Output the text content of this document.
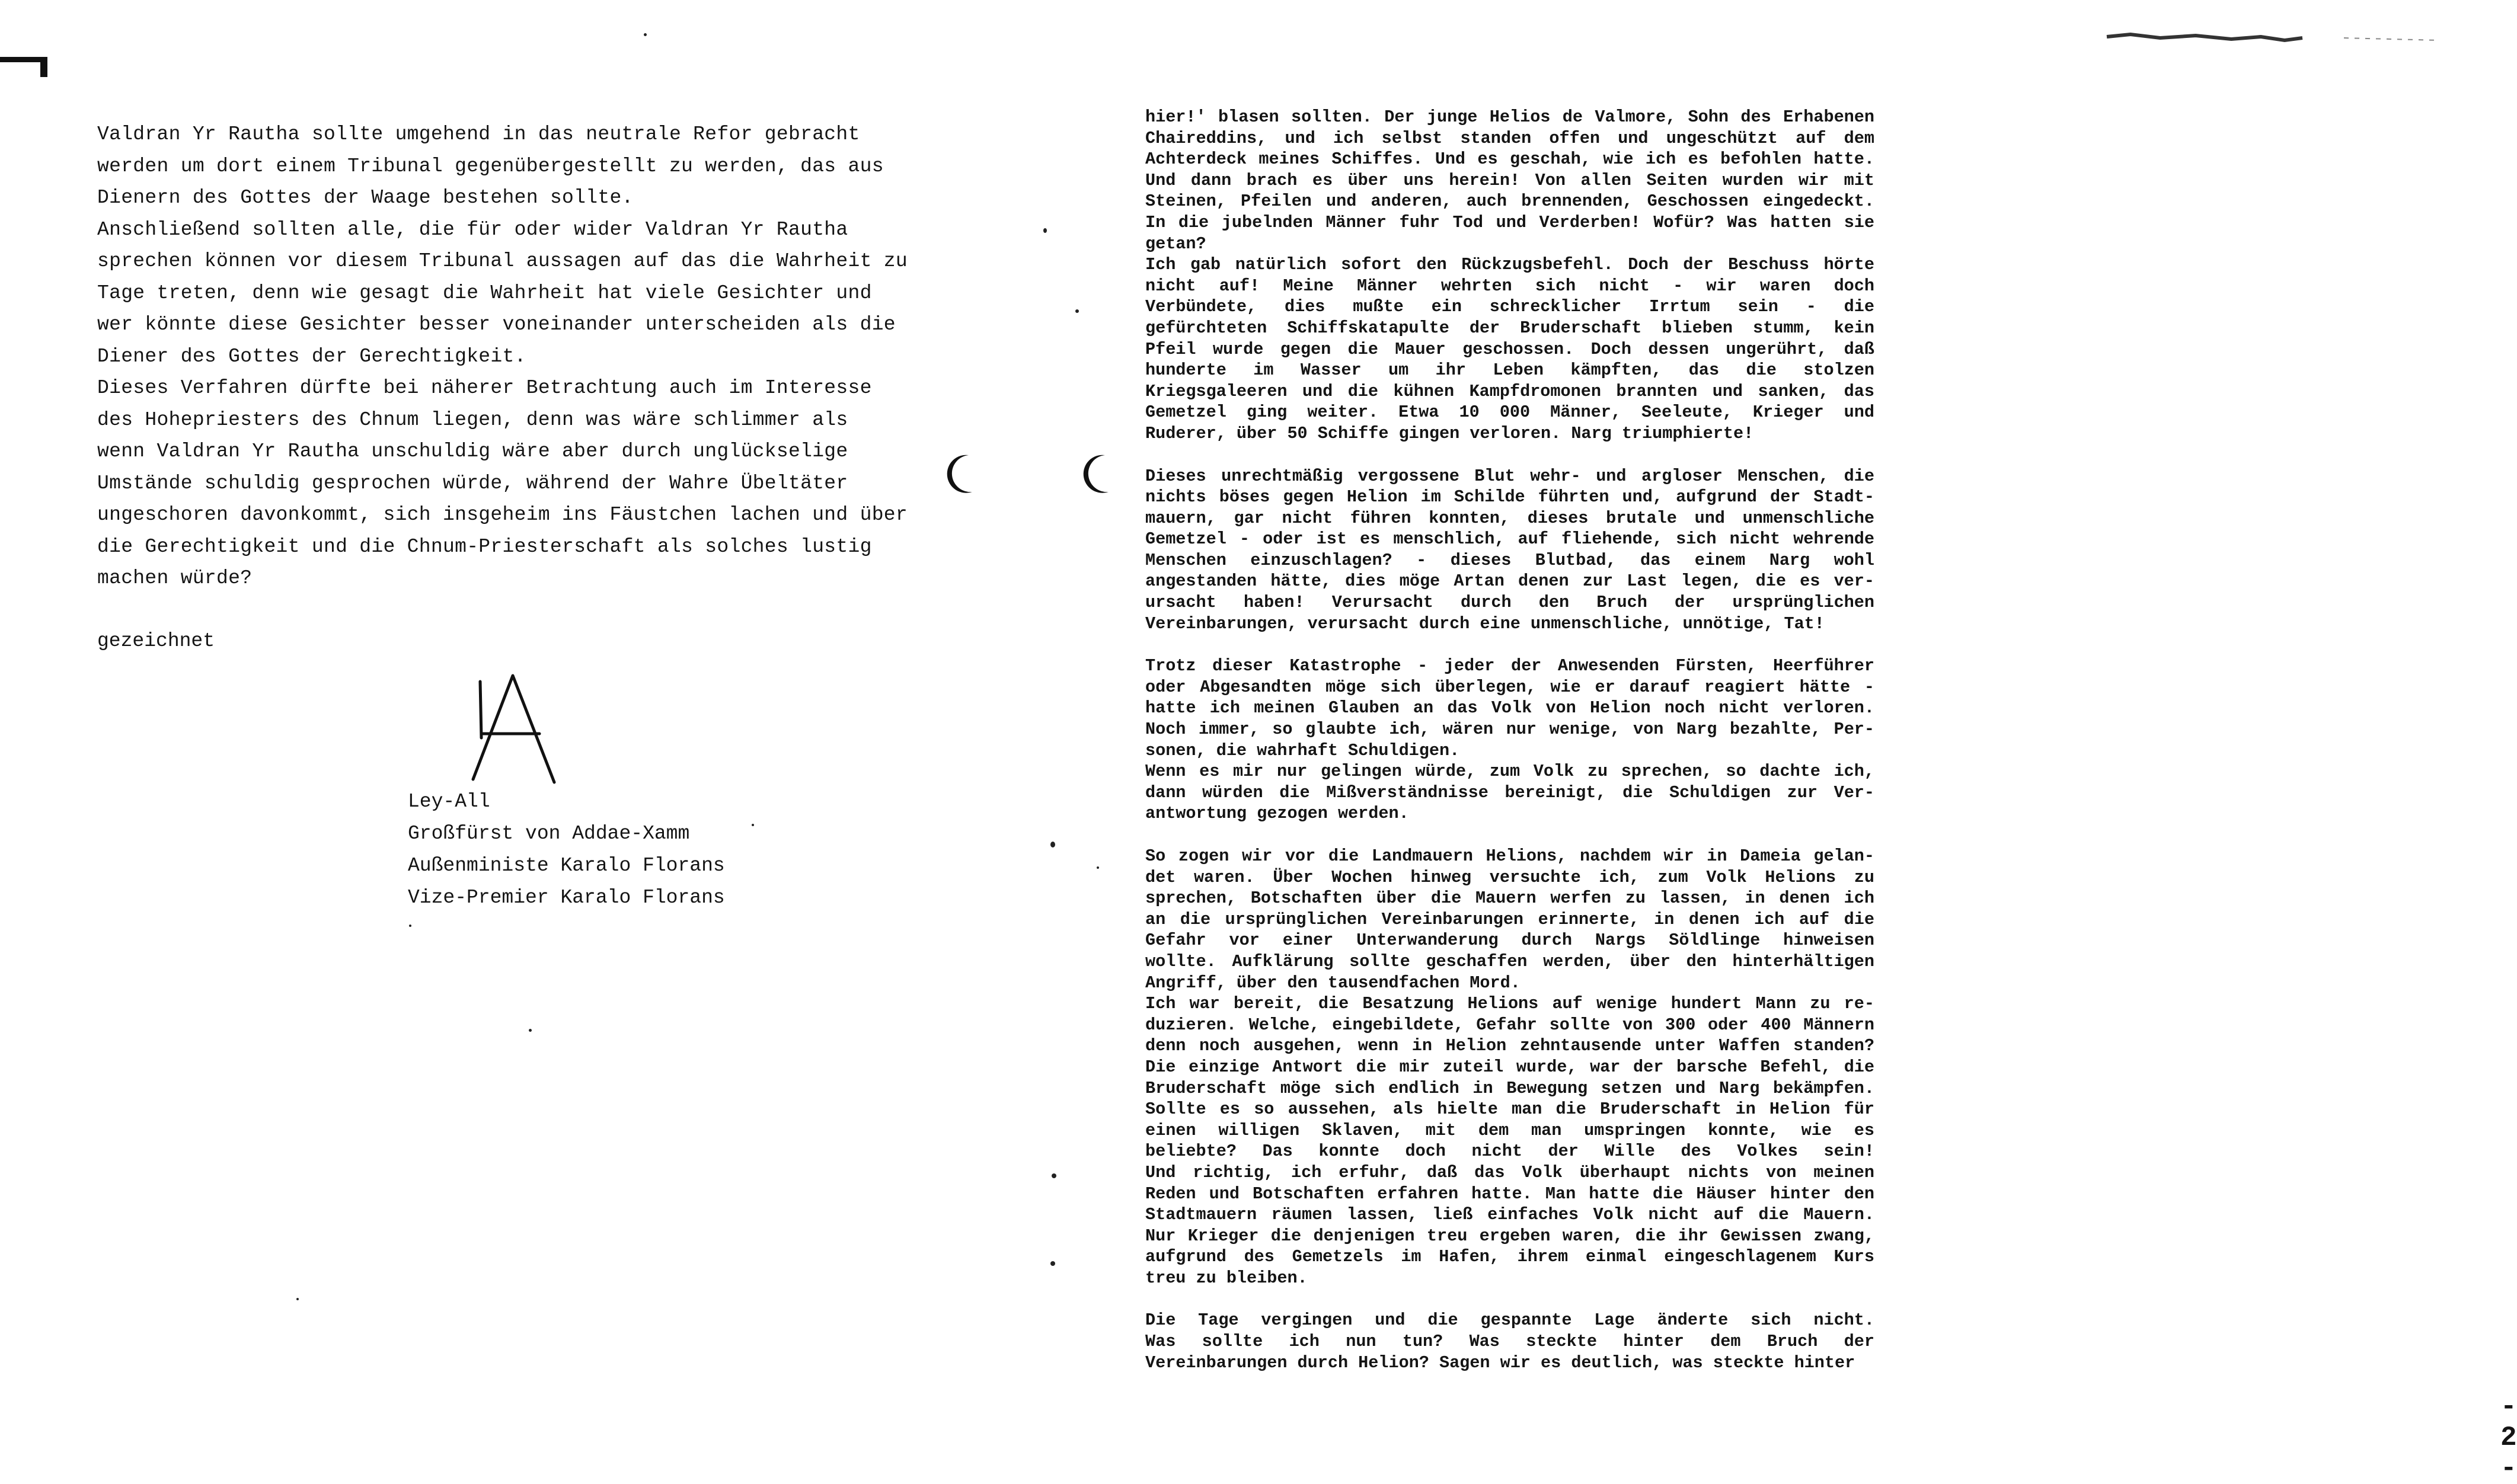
Valdran Yr Rautha sollte umgehend in das neutrale Refor gebracht
werden um dort einem Tribunal gegenübergestellt zu werden, das aus
Dienern des Gottes der Waage bestehen sollte.

Anschließend sollten alle, die für oder wider Valdran Yr Rautha
sprechen können vor diesem Tribunal aussagen auf das die Wahrheit zu
Tage treten, denn wie gesagt die Wahrheit hat viele Gesichter und
wer könnte diese Gesichter besser voneinander unterscheiden als die
Diener des Gottes der Gerechtigkeit.

Dieses Verfahren dürfte bei näherer Betrachtung auch im Interesse
des Hohepriesters des Chnum liegen, denn was wäre schlimmer als
wenn Valdran Yr Rautha unschuldig wäre aber durch unglückselige
Umstände schuldig gesprochen würde, während der Wahre Übeltäter
ungeschoren davonkommt, sich insgeheim ins Fäustchen lachen und über
die Gerechtigkeit und die Chnum-Priesterschaft als solches lustig
machen würde?

gezeichnet
Ley-All
Großfürst von Addae-Xamm
Außenministe Karalo Florans
Vize-Premier Karalo Florans

hier!' blasen sollten. Der junge Helios de Valmore, Sohn des Erhabenen
Chaireddins, und ich selbst standen offen und ungeschützt auf dem
Achterdeck meines Schiffes. Und es geschah, wie ich es befohlen hatte.
Und dann brach es über uns herein! Von allen Seiten wurden wir mit
Steinen, Pfeilen und anderen, auch brennenden, Geschossen eingedeckt.
In die jubelnden Männer fuhr Tod und Verderben! Wofür? Was hatten sie
getan?
Ich gab natürlich sofort den Rückzugsbefehl. Doch der Beschuss hörte
nicht auf! Meine Männer wehrten sich nicht - wir waren doch
Verbündete, dies mußte ein schrecklicher Irrtum sein - die
gefürchteten Schiffskatapulte der Bruderschaft blieben stumm, kein
Pfeil wurde gegen die Mauer geschossen. Doch dessen ungerührt, daß
hunderte im Wasser um ihr Leben kämpften, das die stolzen
Kriegsgaleeren und die kühnen Kampfdromonen brannten und sanken, das
Gemetzel ging weiter. Etwa 10 000 Männer, Seeleute, Krieger und
Ruderer, über 50 Schiffe gingen verloren. Narg triumphierte!

Dieses unrechtmäßig vergossene Blut wehr- und argloser Menschen, die
nichts böses gegen Helion im Schilde führten und, aufgrund der Stadt-
mauern, gar nicht führen konnten, dieses brutale und unmenschliche
Gemetzel - oder ist es menschlich, auf fliehende, sich nicht wehrende
Menschen einzuschlagen? - dieses Blutbad, das einem Narg wohl
angestanden hätte, dies möge Artan denen zur Last legen, die es ver-
ursacht haben! Verursacht durch den Bruch der ursprünglichen
Vereinbarungen, verursacht durch eine unmenschliche, unnötige, Tat!

Trotz dieser Katastrophe - jeder der Anwesenden Fürsten, Heerführer
oder Abgesandten möge sich überlegen, wie er darauf reagiert hätte -
hatte ich meinen Glauben an das Volk von Helion noch nicht verloren.
Noch immer, so glaubte ich, wären nur wenige, von Narg bezahlte, Per-
sonen, die wahrhaft Schuldigen.
Wenn es mir nur gelingen würde, zum Volk zu sprechen, so dachte ich,
dann würden die Mißverständnisse bereinigt, die Schuldigen zur Ver-
antwortung gezogen werden.

So zogen wir vor die Landmauern Helions, nachdem wir in Dameia gelan-
det waren. Über Wochen hinweg versuchte ich, zum Volk Helions zu
sprechen, Botschaften über die Mauern werfen zu lassen, in denen ich
an die ursprünglichen Vereinbarungen erinnerte, in denen ich auf die
Gefahr vor einer Unterwanderung durch Nargs Söldlinge hinweisen
wollte. Aufklärung sollte geschaffen werden, über den hinterhältigen
Angriff, über den tausendfachen Mord.
Ich war bereit, die Besatzung Helions auf wenige hundert Mann zu re-
duzieren. Welche, eingebildete, Gefahr sollte von 300 oder 400 Männern
denn noch ausgehen, wenn in Helion zehntausende unter Waffen standen?
Die einzige Antwort die mir zuteil wurde, war der barsche Befehl, die
Bruderschaft möge sich endlich in Bewegung setzen und Narg bekämpfen.
Sollte es so aussehen, als hielte man die Bruderschaft in Helion für
einen willigen Sklaven, mit dem man umspringen konnte, wie es
beliebte? Das konnte doch nicht der Wille des Volkes sein!
Und richtig, ich erfuhr, daß das Volk überhaupt nichts von meinen
Reden und Botschaften erfahren hatte. Man hatte die Häuser hinter den
Stadtmauern räumen lassen, ließ einfaches Volk nicht auf die Mauern.
Nur Krieger die denjenigen treu ergeben waren, die ihr Gewissen zwang,
aufgrund des Gemetzels im Hafen, ihrem einmal eingeschlagenem Kurs
treu zu bleiben.

Die Tage vergingen und die gespannte Lage änderte sich nicht.
Was sollte ich nun tun? Was steckte hinter dem Bruch der
Vereinbarungen durch Helion? Sagen wir es deutlich, was steckte hinter

- 2 -
